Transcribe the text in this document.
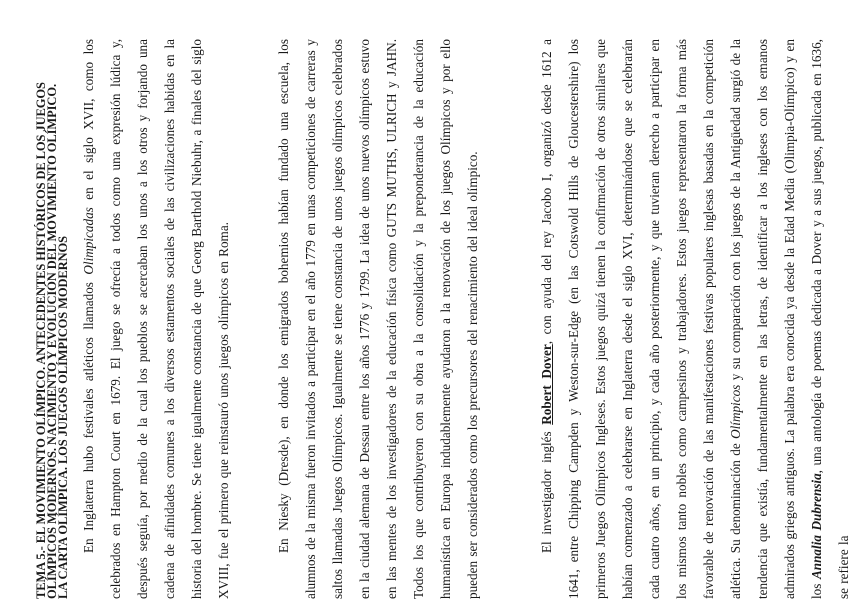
TEMA 5.- EL MOVIMIENTO OLÍMPICO. ANTECEDENTES HISTÓRICOS DE LOS JUEGOS
OLÍMPICOS MODERNOS. NACIMIENTO Y EVOLUCIÓN DEL MOVIMIENTO OLÍMPICO.
LA CARTA OLÍMPICA. LOS JUEGOS OLÍMPICOS MODERNOS En Inglaterra hubo festivales atléticos llamados Olimpicadas en el siglo XVII, como los celebrados en Hampton Court en 1679. El juego se ofrecía a todos como una expresión lúdica y, después seguía, por medio de la cual los pueblos se acercaban los unos a los otros y forjando una cadena de afinidades comunes a los diversos estamentos sociales de las civilizaciones habidas en la historia del hombre. Se tiene igualmente constancia de que Georg Barthold Niebuhr, a finales del siglo XVIII, fue el primero que reinstauró unos juegos olímpicos en Roma.	En Niesky (Dresde), en donde los emigrados bohemios habían fundado una escuela, los alumnos de la misma fueron invitados a participar en el año 1779 en unas competiciones de carreras y saltos llamadas Juegos Olímpicos. Igualmente se tiene constancia de unos juegos olímpicos celebrados en la ciudad alemana de Dessau entre los años 1776 y 1799. La idea de unos nuevos olímpicos estuvo en las mentes de los investigadores de la educación física como GUTS MUTHS, ULRICH y JAHN. Todos los que contribuyeron con su obra a la consolidación y la preponderancia de la educación humanística en Europa indudablemente ayudaron a la renovación de los juegos Olímpicos y por ello pueden ser considerados como los precursores del renacimiento del ideal olímpico.	El investigador inglés Robert Dover, con ayuda del rey Jacobo I, organizó desde 1612 a 1641, entre Chipping Campden y Weston-sur-Edge (en las Cotswold Hills de Gloucestershire) los primeros Juegos Olímpicos Ingleses. Estos juegos quizá tienen la confirmación de otros similares que habían comenzado a celebrarse en Inglaterra desde el siglo XVI, determinándose que se celebrarán cada cuatro años, en un principio, y cada año posteriormente, y que tuvieran derecho a participar en los mismos tanto nobles como campesinos y trabajadores. Estos juegos representaron la forma más favorable de renovación de las manifestaciones festivas populares inglesas basadas en la competición atlética. Su denominación de Olímpicos y su comparación con los juegos de la Antigüedad surgió de la tendencia que existía, fundamentalmente en las letras, de identificar a los ingleses con los emanos admirados griegos antiguos. La palabra era conocida ya desde la Edad Media (Olimpia-Olímpico) y en los Annalia Dubrensia, una antología de poemas dedicada a Dover y a sus juegos, publicada en 1636, se refiere la
